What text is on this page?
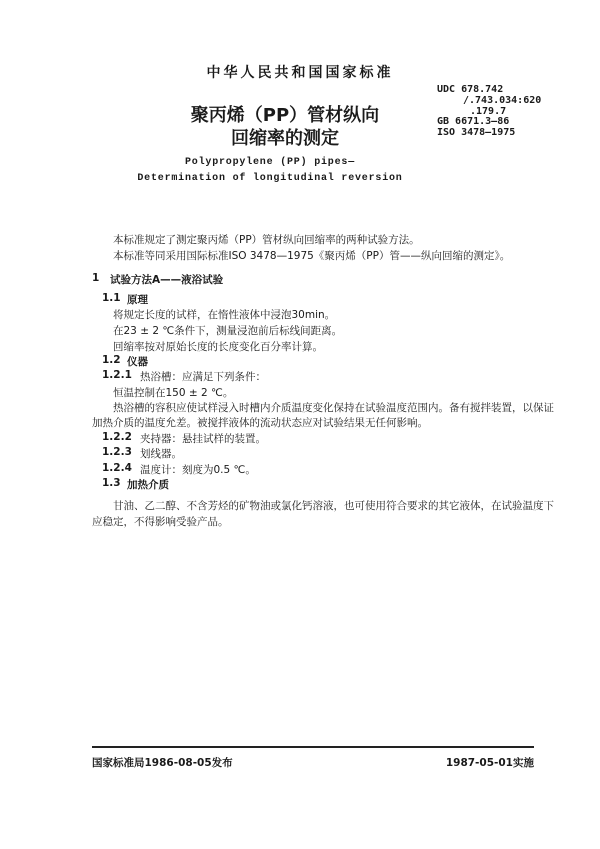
中华人民共和国国家标准
聚丙烯（PP）管材纵向
回缩率的测定
UDC 678.742
/.743.034:620
.179.7
GB 6671.3—86
ISO 3478—1975
Polypropylene (PP) pipes—
Determination of longitudinal reversion
本标准规定了测定聚丙烯（PP）管材纵向回缩率的两种试验方法。
本标准等同采用国际标准ISO 3478—1975《聚丙烯（PP）管——纵向回缩的测定》。
1 试验方法A——液浴试验
1.1 原理
将规定长度的试样，在惰性液体中浸泡30min。
在23 ± 2 ℃条件下，测量浸泡前后标线间距离。
回缩率按对原始长度的长度变化百分率计算。
1.2 仪器
1.2.1 热浴槽：应满足下列条件：
恒温控制在150 ± 2 ℃。
热浴槽的容积应使试样浸入时槽内介质温度变化保持在试验温度范围内。备有搅拌装置，以保证
加热介质的温度允差。被搅拌液体的流动状态应对试验结果无任何影响。
1.2.2 夹持器：悬挂试样的装置。
1.2.3 划线器。
1.2.4 温度计：刻度为0.5 ℃。
1.3 加热介质
甘油、乙二醇、不含芳烃的矿物油或氯化钙溶液，也可使用符合要求的其它液体，在试验温度下
应稳定，不得影响受验产品。
国家标准局1986-08-05发布	1987-05-01实施
